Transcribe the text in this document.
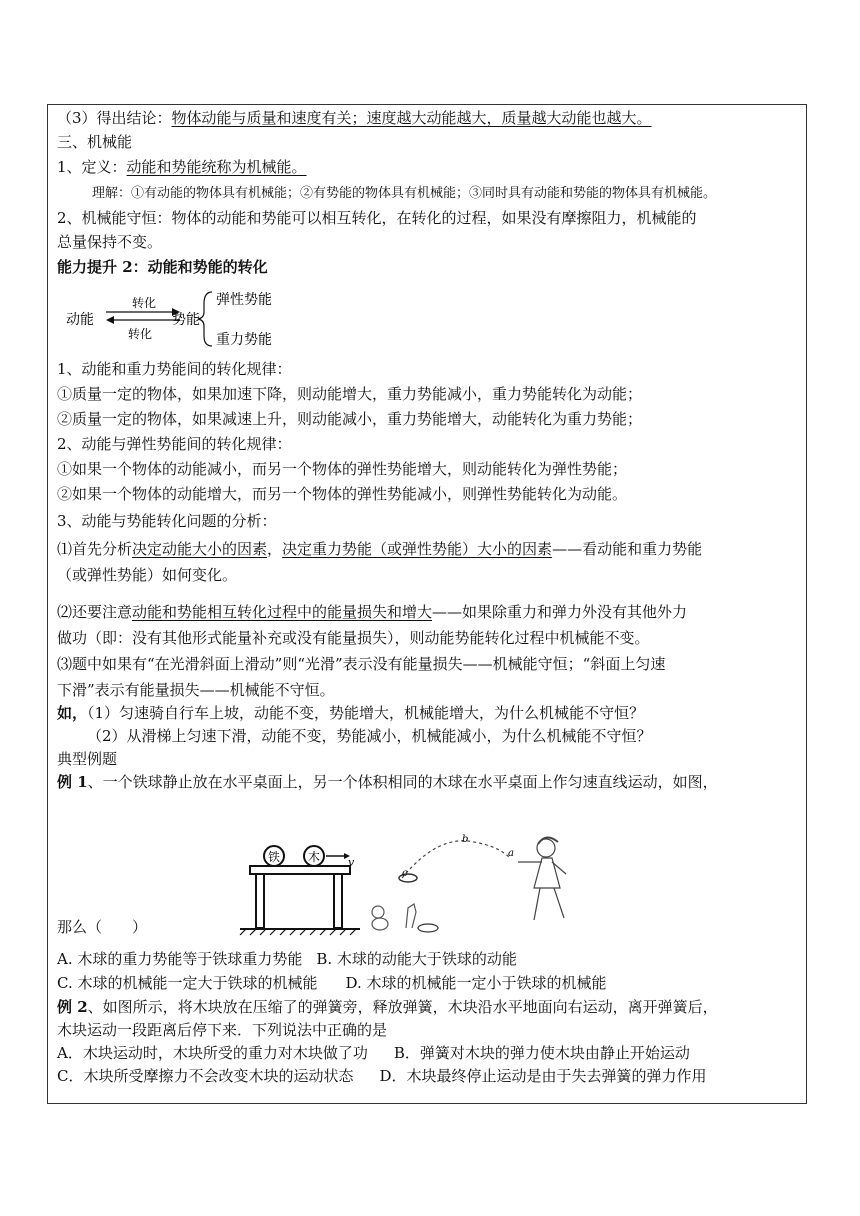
（3）得出结论：物体动能与质量和速度有关；速度越大动能越大，质量越大动能也越大。
三、机械能
1、定义：动能和势能统称为机械能。
理解：①有动能的物体具有机械能；②有势能的物体具有机械能；③同时具有动能和势能的物体具有机械能。
2、机械能守恒：物体的动能和势能可以相互转化，在转化的过程，如果没有摩擦阻力，机械能的
总量保持不变。
能力提升 2：动能和势能的转化
动能
转化
转化
势能
弹性势能
重力势能
1、动能和重力势能间的转化规律：
①质量一定的物体，如果加速下降，则动能增大，重力势能减小，重力势能转化为动能；
②质量一定的物体，如果减速上升，则动能减小，重力势能增大，动能转化为重力势能；
2、动能与弹性势能间的转化规律：
①如果一个物体的动能减小，而另一个物体的弹性势能增大，则动能转化为弹性势能；
②如果一个物体的动能增大，而另一个物体的弹性势能减小，则弹性势能转化为动能。
3、动能与势能转化问题的分析：
⑴首先分析决定动能大小的因素，决定重力势能（或弹性势能）大小的因素——看动能和重力势能
（或弹性势能）如何变化。
⑵还要注意动能和势能相互转化过程中的能量损失和增大——如果除重力和弹力外没有其他外力
做功（即：没有其他形式能量补充或没有能量损失），则动能势能转化过程中机械能不变。
⑶题中如果有“在光滑斜面上滑动”则“光滑”表示没有能量损失——机械能守恒；“斜面上匀速
下滑”表示有能量损失——机械能不守恒。
如，（1）匀速骑自行车上坡，动能不变，势能增大，机械能增大，为什么机械能不守恒？
（2）从滑梯上匀速下滑，动能不变，势能减小，机械能减小，为什么机械能不守恒？
典型例题
例 1、一个铁球静止放在水平桌面上，另一个体积相同的木球在水平桌面上作匀速直线运动，如图，
铁 木	v
c
b
a
那么（　　）
A. 木球的重力势能等于铁球重力势能 B. 木球的动能大于铁球的动能
C. 木球的机械能一定大于铁球的机械能 D. 木球的机械能一定小于铁球的机械能
例 2、如图所示，将木块放在压缩了的弹簧旁，释放弹簧，木块沿水平地面向右运动，离开弹簧后，
木块运动一段距离后停下来．下列说法中正确的是
A．木块运动时，木块所受的重力对木块做了功 B．弹簧对木块的弹力使木块由静止开始运动
C．木块所受摩擦力不会改变木块的运动状态 D．木块最终停止运动是由于失去弹簧的弹力作用
